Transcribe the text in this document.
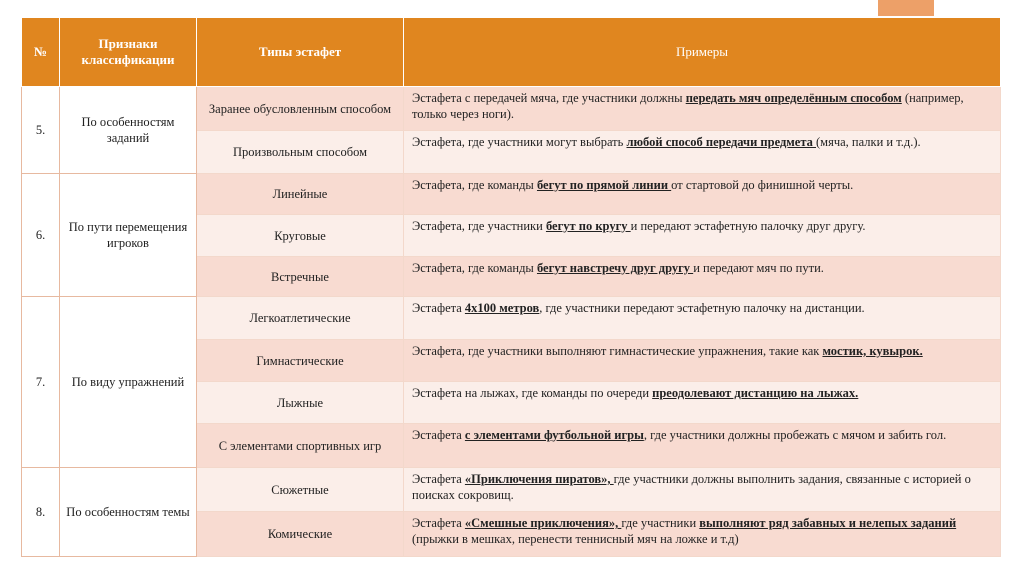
№	Признаки классификации	Типы эстафет	Примеры
5.	По особенностям заданий	Заранее обусловленным способом	Эстафета с передачей мяча, где участники должны передать мяч определённым способом (например, только через ноги).
		Произвольным способом	Эстафета, где участники могут выбрать любой способ передачи предмета (мяча, палки и т.д.).
6.	По пути перемещения игроков	Линейные	Эстафета, где команды бегут по прямой линии от стартовой до финишной черты.
		Круговые	Эстафета, где участники бегут по кругу и передают эстафетную палочку друг другу.
		Встречные	Эстафета, где команды бегут навстречу друг другу и передают мяч по пути.
7.	По виду упражнений	Легкоатлетические	Эстафета 4х100 метров, где участники передают эстафетную палочку на дистанции.
		Гимнастические	Эстафета, где участники выполняют гимнастические упражнения, такие как мостик, кувырок.
		Лыжные	Эстафета на лыжах, где команды по очереди преодолевают дистанцию на лыжах.
		С элементами спортивных игр	Эстафета с элементами футбольной игры, где участники должны пробежать с мячом и забить гол.
8.	По особенностям темы	Сюжетные	Эстафета «Приключения пиратов», где участники должны выполнить задания, связанные с историей о поисках сокровищ.
		Комические	Эстафета «Смешные приключения», где участники выполняют ряд забавных и нелепых заданий (прыжки в мешках, перенести теннисный мяч на ложке и т.д)
